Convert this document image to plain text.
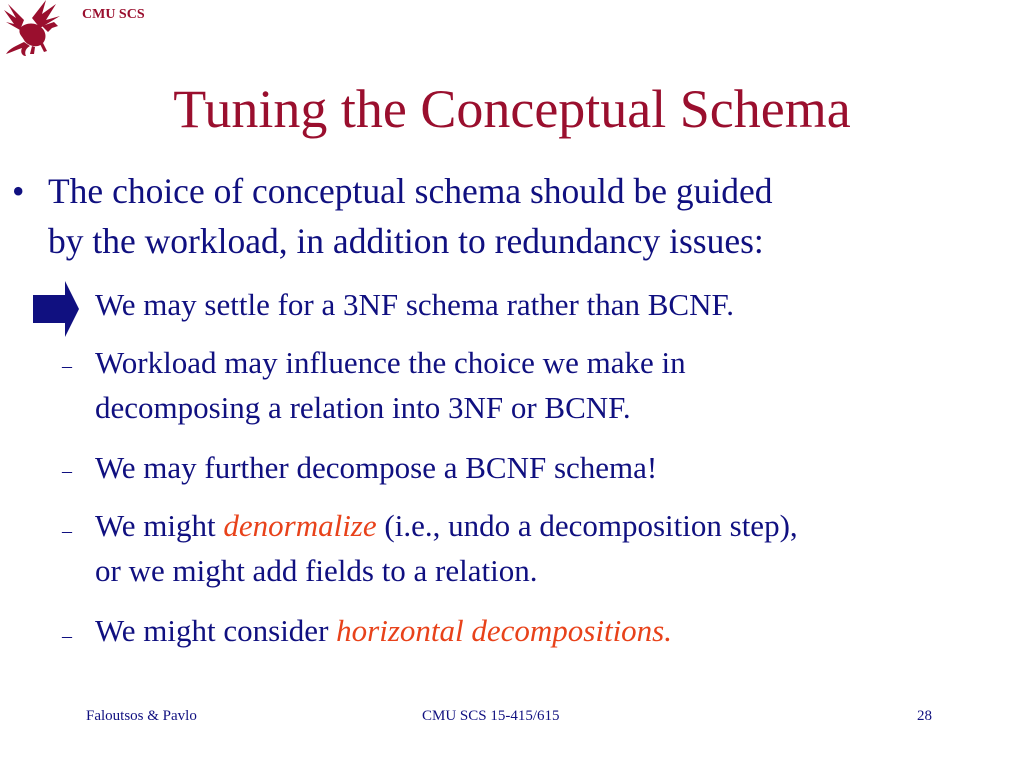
CMU SCS
Tuning the Conceptual Schema
• The choice of conceptual schema should be guided
by the workload, in addition to redundancy issues:
We may settle for a 3NF schema rather than BCNF.
– Workload may influence the choice we make in
decomposing a relation into 3NF or BCNF.
– We may further decompose a BCNF schema!
– We might denormalize (i.e., undo a decomposition step),
or we might add fields to a relation.
– We might consider horizontal decompositions.
Faloutsos & Pavlo	CMU SCS 15-415/615	28
